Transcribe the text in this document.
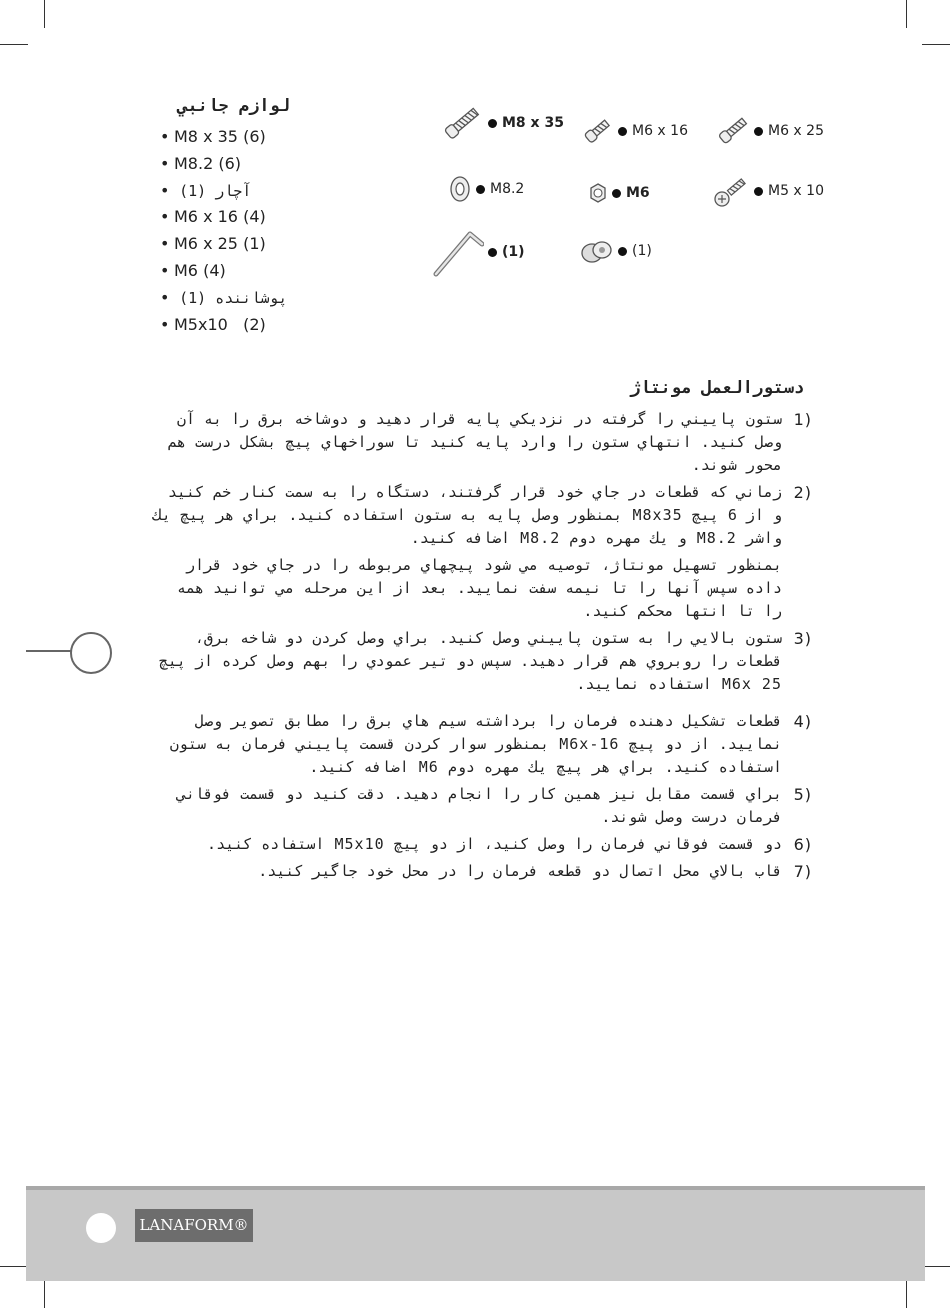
لوازم جانبي
• M8 x 35 (6)
• M8.2 (6)
• آچار (1)
• M6 x 16 (4)
• M6 x 25 (1)
• M6 (4)
• پوشاننده (1)
• M5x10   (2)
M8 x 35	M6 x 16	M6 x 25
M8.2	M6	M5 x 10
(1)	(1)
دستورالعمل مونتاژ
1)
ستون پاييني را گرفته در نزديكي پايه قرار دهيد و دوشاخه برق را به آن وصل كنيد. انتهاي ستون را وارد پايه كنيد تا سوراخهاي پيچ بشكل درست هم محور شوند.
2)
زماني كه قطعات در جاي خود قرار گرفتند، دستگاه را به سمت كنار خم كنيد و از 6 پيچ M8x35 بمنظور وصل پايه به ستون استفاده كنيد. براي هر پيچ يك واشر M8.2 و يك مهره دوم M8.2 اضافه كنيد.
بمنظور تسهيل مونتاژ، توصيه مي شود پيچهاي مربوطه را در جاي خود قرار داده سپس آنها را تا نيمه سفت نماييد. بعد از اين مرحله مي توانيد همه را تا انتها محكم كنيد.
3)
ستون بالايي را به ستون پاييني وصل كنيد. براي وصل كردن دو شاخه برق، قطعات را روبروي هم قرار دهيد. سپس دو تير عمودي را بهم وصل كرده از پيچ M6x 25 استفاده نماييد.
4)
قطعات تشكيل دهنده فرمان را برداشته سيم هاي برق را مطابق تصوير وصل نماييد. از دو پيچ M6x-16 بمنظور سوار كردن قسمت پاييني فرمان به ستون استفاده كنيد. براي هر پيچ يك مهره دوم M6 اضافه كنيد.
5)
براي قسمت مقابل نيز همين كار را انجام دهيد. دقت كنيد دو قسمت فوقاني فرمان درست وصل شوند.
6)
دو قسمت فوقاني فرمان را وصل كنيد، از دو پيچ M5x10 استفاده كنيد.
7)
قاب بالاي محل اتصال دو قطعه فرمان را در محل خود جاگير كنيد.
LANAFORM®
